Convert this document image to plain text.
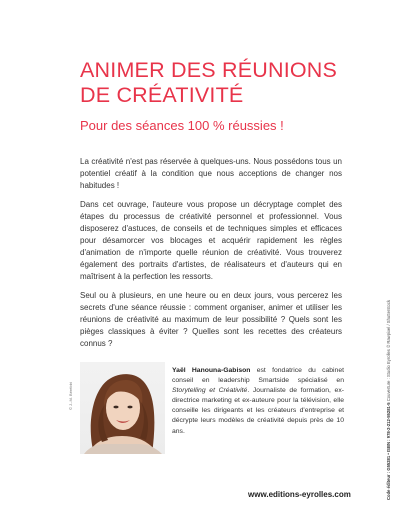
ANIMER DES RÉUNIONS
DE CRÉATIVITÉ

Pour des séances 100 % réussies !

La créativité n'est pas réservée à quelques-uns. Nous possédons tous un potentiel créatif à la condition que nous acceptions de changer nos habitudes !

Dans cet ouvrage, l'auteure vous propose un décryptage complet des étapes du processus de créativité personnel et professionnel. Vous disposerez d'astuces, de conseils et de techniques simples et efficaces pour désamorcer vos blocages et acquérir rapidement les règles d'animation de n'importe quelle réunion de créativité. Vous trouverez également des portraits d'artistes, de réalisateurs et d'auteurs qui en maîtrisent à la perfection les ressorts.

Seul ou à plusieurs, en une heure ou en deux jours, vous percerez les secrets d'une séance réussie : comment organiser, animer et utiliser les réunions de créativité au maximum de leur possibilité ? Quels sont les pièges classiques à éviter ? Quelles sont les recettes des créateurs connus ?

© J.-M. Bérébbi
Yaël Hanouna-Gabison est fondatrice du cabinet conseil en leadership Smartside spécialisé en Storytelling et Créativité. Journaliste de formation, ex-directrice marketing et ex-auteure pour la télévision, elle conseille les dirigeants et les créateurs d'entreprise et décrypte leurs modèles de créativité depuis près de 10 ans.
www.editions-eyrolles.com	Code éditeur : G55281 • ISBN : 978-2-212-55281-5 Couverture : Studio Eyrolles © Rawpixel / Shutterstock
